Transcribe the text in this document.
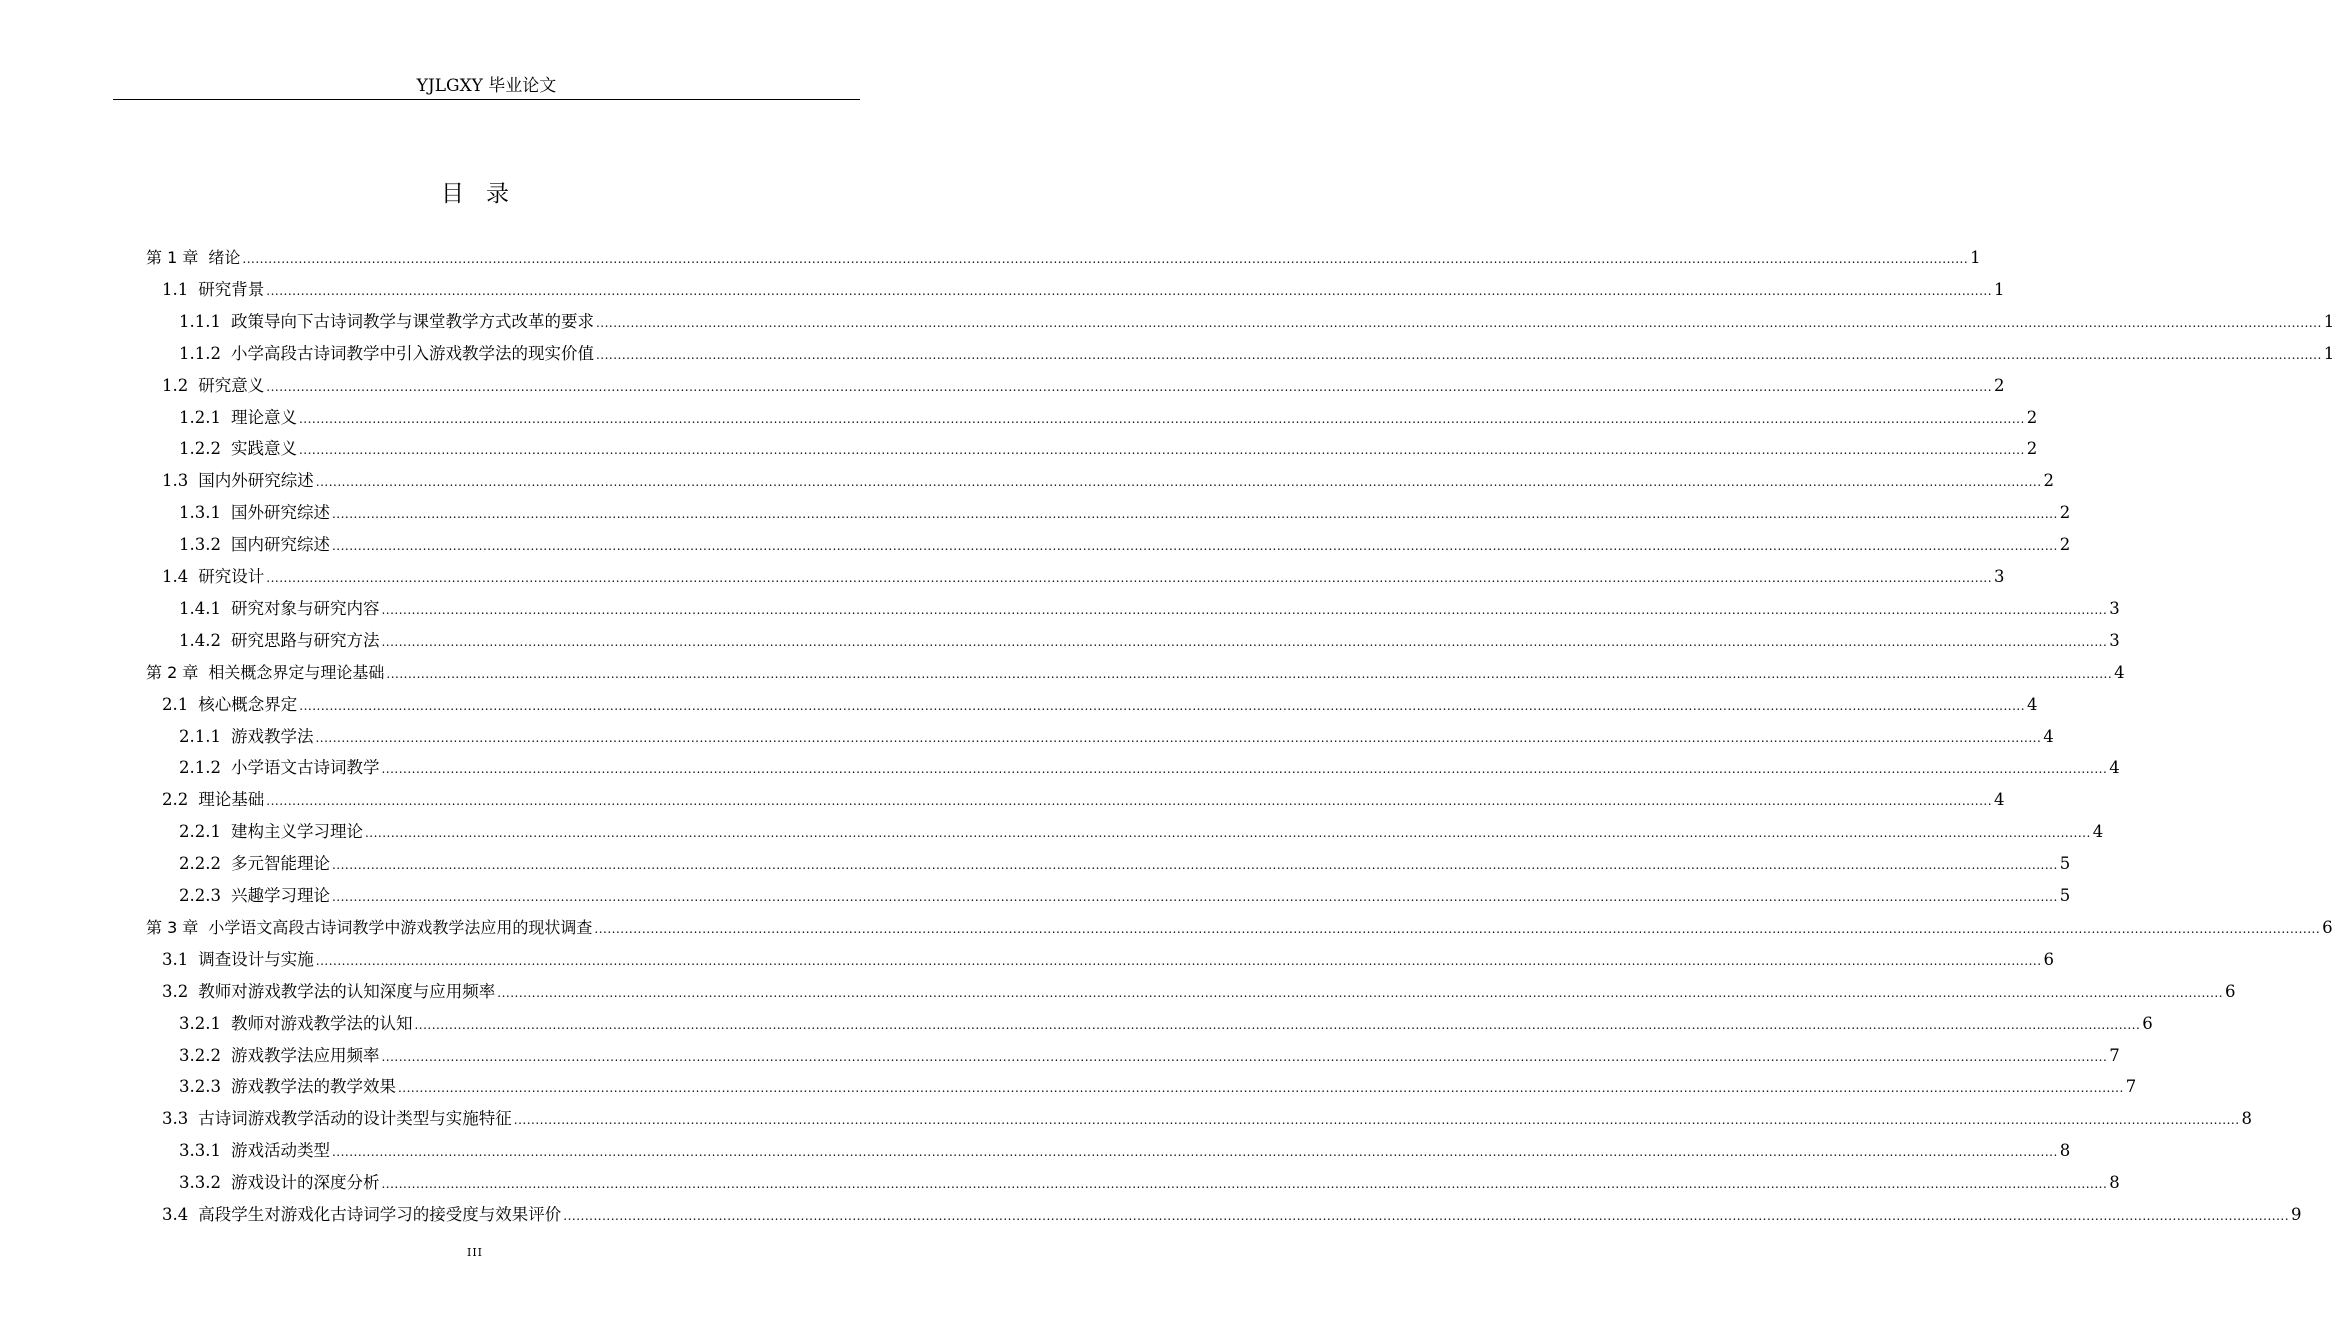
YJLGXY 毕业论文
目录
第 1 章 绪论 ................................................................................................................................................................................................................................................................................................................................................................................................................ 1
1.1 研究背景 ................................................................................................................................................................................................................................................................................................................................................................................................................ 1
1.1.1 政策导向下古诗词教学与课堂教学方式改革的要求 ................................................................................................................................................................................................................................................................................................................................................................................................................ 1
1.1.2 小学高段古诗词教学中引入游戏教学法的现实价值 ................................................................................................................................................................................................................................................................................................................................................................................................................ 1
1.2 研究意义 ................................................................................................................................................................................................................................................................................................................................................................................................................ 2
1.2.1 理论意义 ................................................................................................................................................................................................................................................................................................................................................................................................................ 2
1.2.2 实践意义 ................................................................................................................................................................................................................................................................................................................................................................................................................ 2
1.3 国内外研究综述 ................................................................................................................................................................................................................................................................................................................................................................................................................ 2
1.3.1 国外研究综述 ................................................................................................................................................................................................................................................................................................................................................................................................................ 2
1.3.2 国内研究综述 ................................................................................................................................................................................................................................................................................................................................................................................................................ 2
1.4 研究设计 ................................................................................................................................................................................................................................................................................................................................................................................................................ 3
1.4.1 研究对象与研究内容 ................................................................................................................................................................................................................................................................................................................................................................................................................ 3
1.4.2 研究思路与研究方法 ................................................................................................................................................................................................................................................................................................................................................................................................................ 3
第 2 章 相关概念界定与理论基础 ................................................................................................................................................................................................................................................................................................................................................................................................................ 4
2.1 核心概念界定 ................................................................................................................................................................................................................................................................................................................................................................................................................ 4
2.1.1 游戏教学法 ................................................................................................................................................................................................................................................................................................................................................................................................................ 4
2.1.2 小学语文古诗词教学 ................................................................................................................................................................................................................................................................................................................................................................................................................ 4
2.2 理论基础 ................................................................................................................................................................................................................................................................................................................................................................................................................ 4
2.2.1 建构主义学习理论 ................................................................................................................................................................................................................................................................................................................................................................................................................ 4
2.2.2 多元智能理论 ................................................................................................................................................................................................................................................................................................................................................................................................................ 5
2.2.3 兴趣学习理论 ................................................................................................................................................................................................................................................................................................................................................................................................................ 5
第 3 章 小学语文高段古诗词教学中游戏教学法应用的现状调查 ................................................................................................................................................................................................................................................................................................................................................................................................................ 6
3.1 调查设计与实施 ................................................................................................................................................................................................................................................................................................................................................................................................................ 6
3.2 教师对游戏教学法的认知深度与应用频率 ................................................................................................................................................................................................................................................................................................................................................................................................................ 6
3.2.1 教师对游戏教学法的认知 ................................................................................................................................................................................................................................................................................................................................................................................................................ 6
3.2.2 游戏教学法应用频率 ................................................................................................................................................................................................................................................................................................................................................................................................................ 7
3.2.3 游戏教学法的教学效果 ................................................................................................................................................................................................................................................................................................................................................................................................................ 7
3.3 古诗词游戏教学活动的设计类型与实施特征 ................................................................................................................................................................................................................................................................................................................................................................................................................ 8
3.3.1 游戏活动类型 ................................................................................................................................................................................................................................................................................................................................................................................................................ 8
3.3.2 游戏设计的深度分析 ................................................................................................................................................................................................................................................................................................................................................................................................................ 8
3.4 高段学生对游戏化古诗词学习的接受度与效果评价 ................................................................................................................................................................................................................................................................................................................................................................................................................ 9
III
